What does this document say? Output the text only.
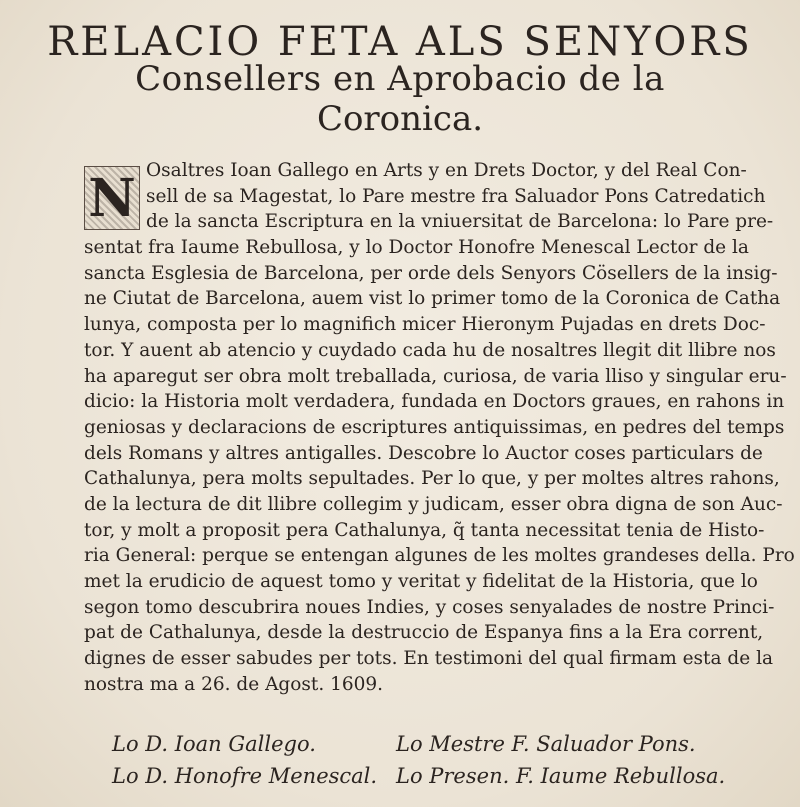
RELACIO FETA ALS SENYORS
Consellers en Aprobacio de la
Coronica.
N Osaltres Ioan Gallego en Arts y en Drets Doctor, y del Real Con-
sell de sa Magestat, lo Pare mestre fra Saluador Pons Catredatich
de la sancta Escriptura en la vniuersitat de Barcelona: lo Pare pre-
sentat fra Iaume Rebullosa, y lo Doctor Honofre Menescal Lector de la
sancta Esglesia de Barcelona, per orde dels Senyors Cösellers de la insig-
ne Ciutat de Barcelona, auem vist lo primer tomo de la Coronica de Catha
lunya, composta per lo magnifich micer Hieronym Pujadas en drets Doc-
tor. Y auent ab atencio y cuydado cada hu de nosaltres llegit dit llibre nos
ha aparegut ser obra molt treballada, curiosa, de varia lliso y singular eru-
dicio: la Historia molt verdadera, fundada en Doctors graues, en rahons in
geniosas y declaracions de escriptures antiquissimas, en pedres del temps
dels Romans y altres antigalles. Descobre lo Auctor coses particulars de
Cathalunya, pera molts sepultades. Per lo que, y per moltes altres rahons,
de la lectura de dit llibre collegim y judicam, esser obra digna de son Auc-
tor, y molt a proposit pera Cathalunya, q̃ tanta necessitat tenia de Histo-
ria General: perque se entengan algunes de les moltes grandeses della. Pro
met la erudicio de aquest tomo y veritat y fidelitat de la Historia, que lo
segon tomo descubrira noues Indies, y coses senyalades de nostre Princi-
pat de Cathalunya, desde la destruccio de Espanya fins a la Era corrent,
dignes de esser sabudes per tots. En testimoni del qual firmam esta de la
nostra ma a 26. de Agost. 1609.
Lo D. Ioan Gallego.	Lo Mestre F. Saluador Pons.
Lo D. Honofre Menescal. Lo Presen. F. Iaume Rebullosa.
